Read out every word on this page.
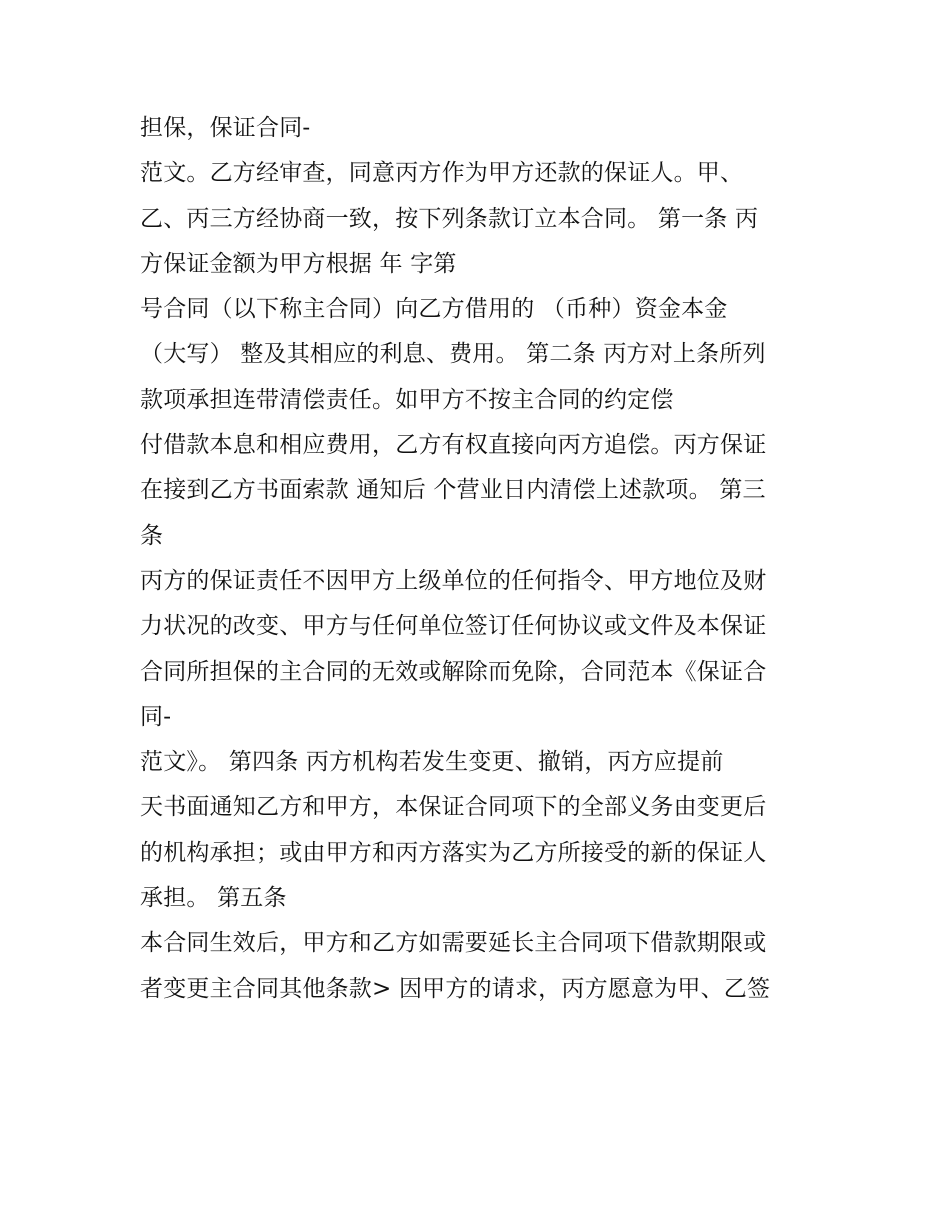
担保，保证合同-
范文。乙方经审查，同意丙方作为甲方还款的保证人。甲、
乙、丙三方经协商一致，按下列条款订立本合同。 第一条 丙
方保证金额为甲方根据 年 字第
号合同（以下称主合同）向乙方借用的 （币种）资金本金
（大写） 整及其相应的利息、费用。 第二条 丙方对上条所列
款项承担连带清偿责任。如甲方不按主合同的约定偿
付借款本息和相应费用，乙方有权直接向丙方追偿。丙方保证
在接到乙方书面索款 通知后 个营业日内清偿上述款项。 第三
条
丙方的保证责任不因甲方上级单位的任何指令、甲方地位及财
力状况的改变、甲方与任何单位签订任何协议或文件及本保证
合同所担保的主合同的无效或解除而免除，合同范本《保证合
同-
范文》。 第四条 丙方机构若发生变更、撤销，丙方应提前
天书面通知乙方和甲方，本保证合同项下的全部义务由变更后
的机构承担；或由甲方和丙方落实为乙方所接受的新的保证人
承担。 第五条
本合同生效后，甲方和乙方如需要延长主合同项下借款期限或
者变更主合同其他条款> 因甲方的请求，丙方愿意为甲、乙签
